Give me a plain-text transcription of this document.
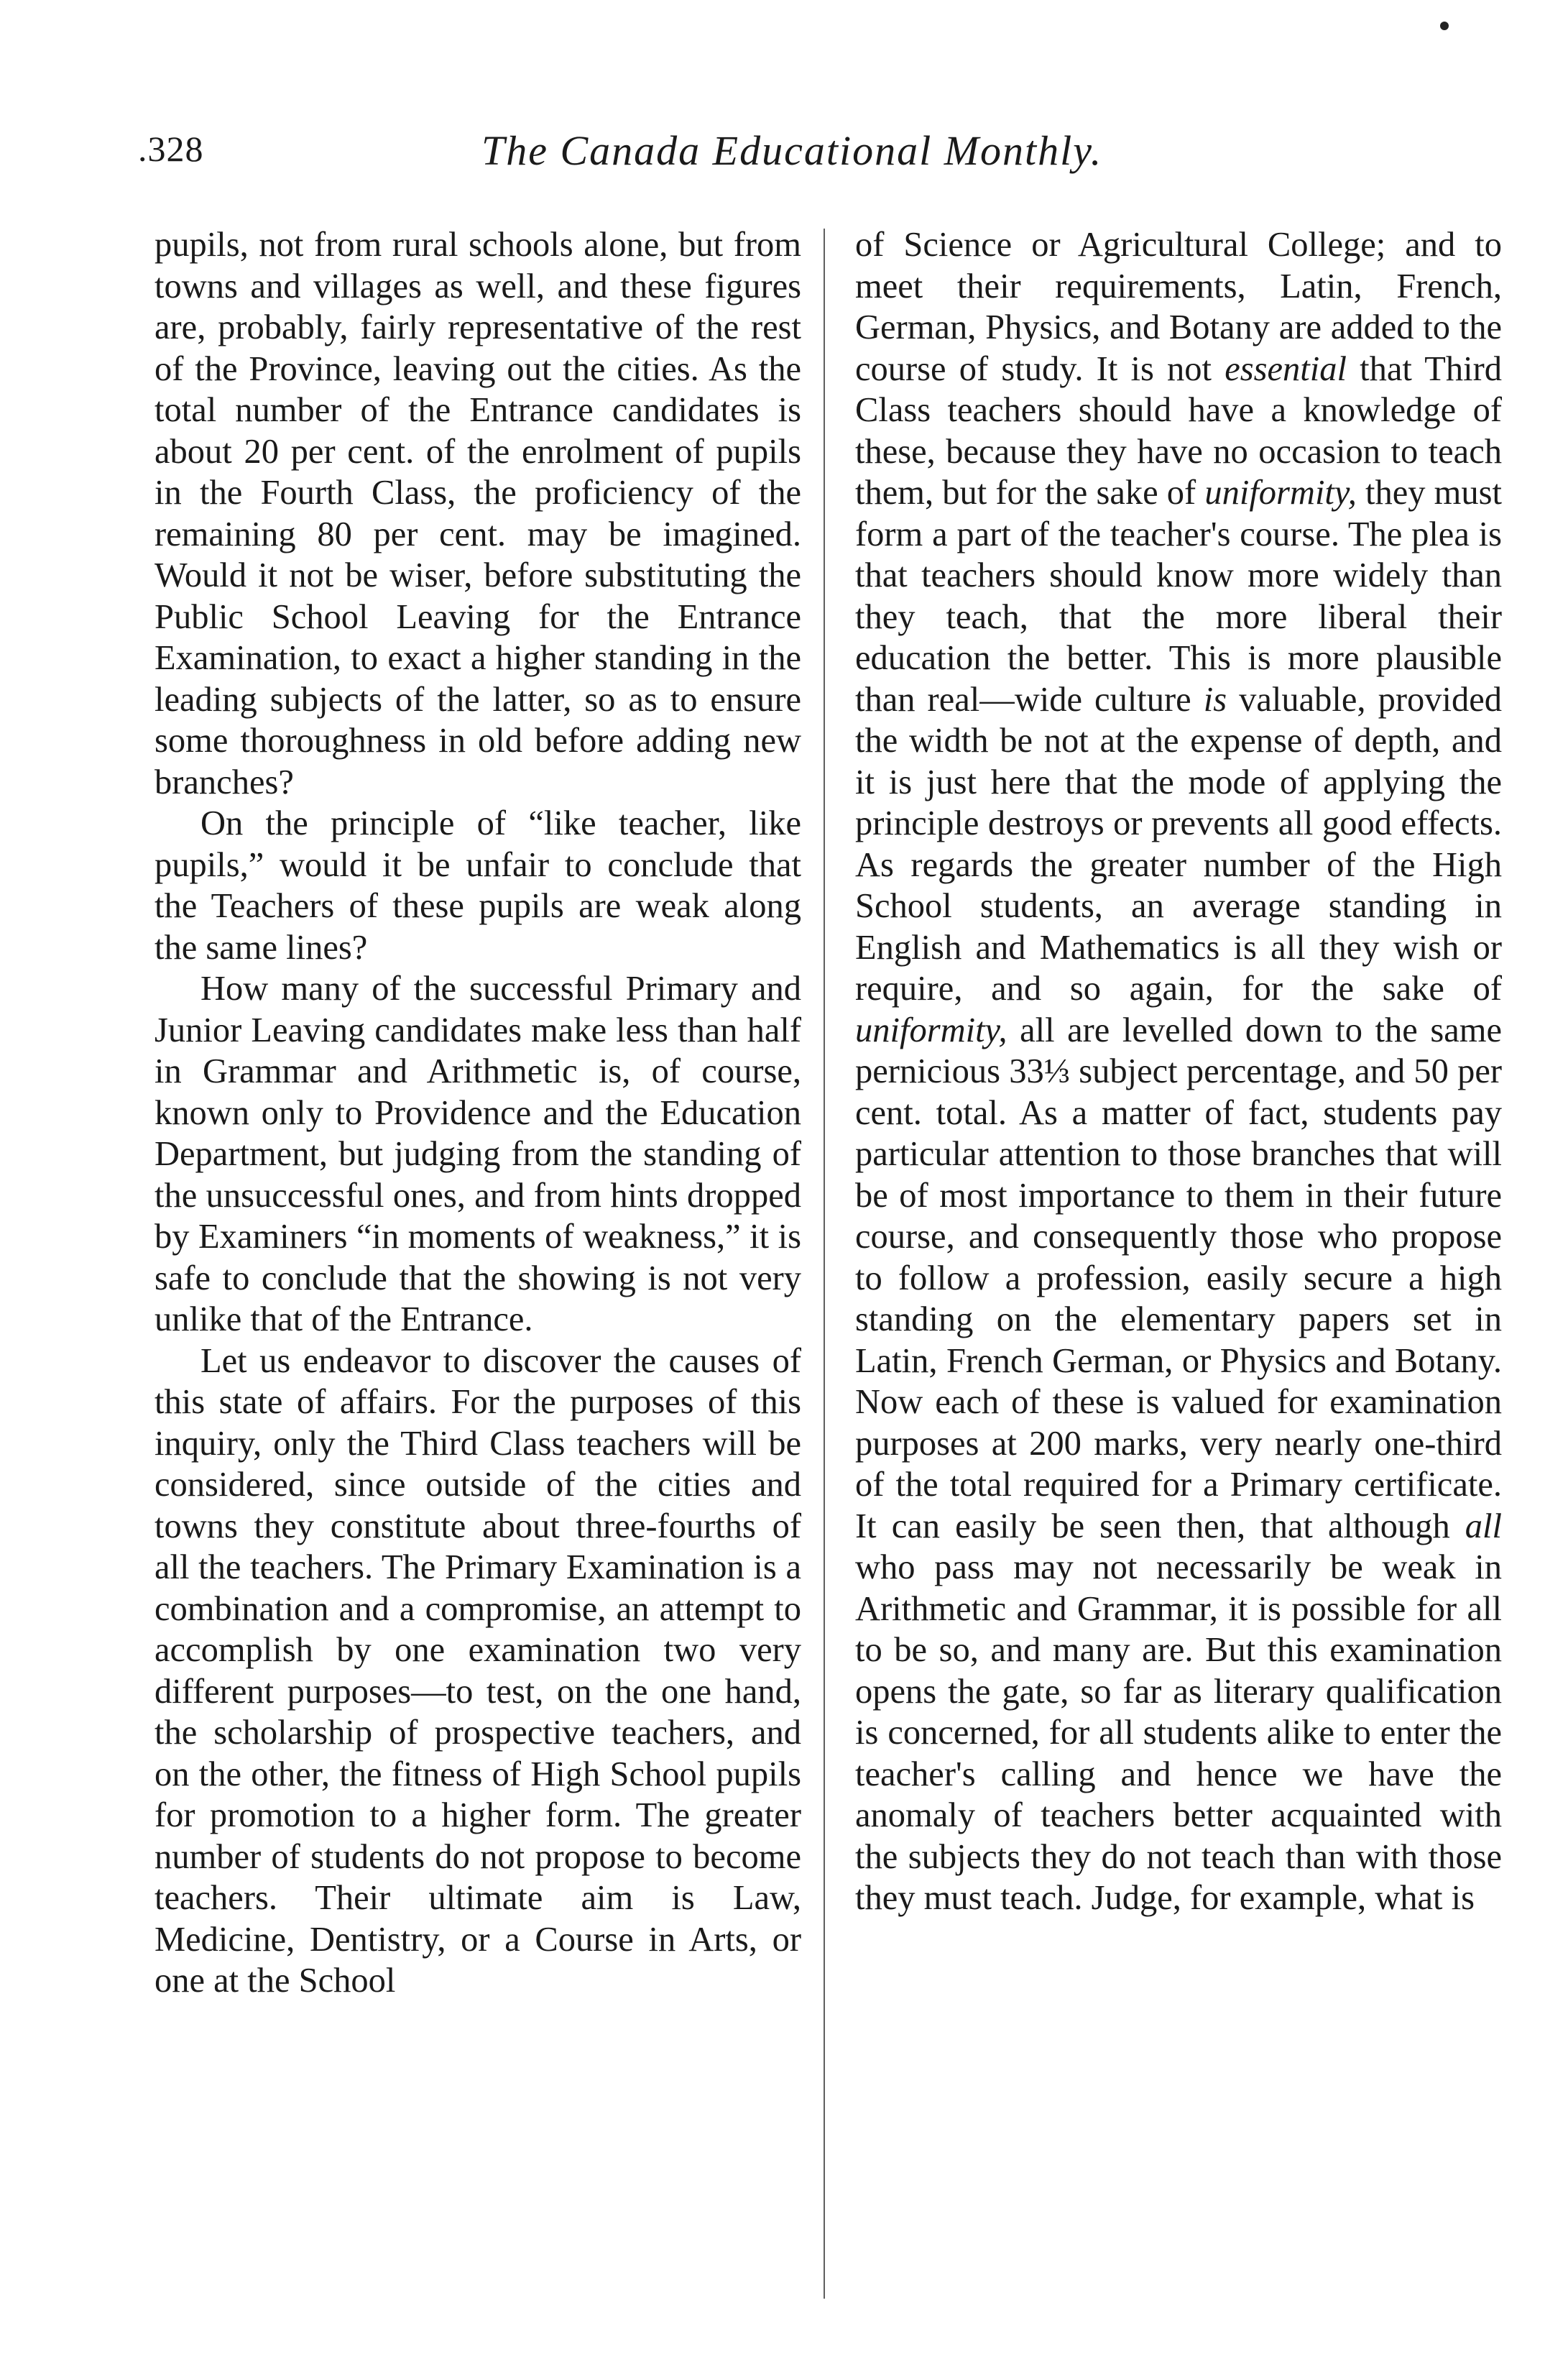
.328	The Canada Educational Monthly.

pupils, not from rural schools alone, but from towns and villages as well, and these figures are, probably, fairly representative of the rest of the Province, leaving out the cities. As the total number of the Entrance candidates is about 20 per cent. of the enrolment of pupils in the Fourth Class, the proficiency of the remaining 80 per cent. may be imagined. Would it not be wiser, before substituting the Public School Leaving for the Entrance Examination, to exact a higher standing in the leading subjects of the latter, so as to ensure some thoroughness in old before adding new branches?

On the principle of “like teacher, like pupils,” would it be unfair to conclude that the Teachers of these pupils are weak along the same lines?

How many of the successful Primary and Junior Leaving candidates make less than half in Grammar and Arithmetic is, of course, known only to Providence and the Education Department, but judging from the standing of the unsuccessful ones, and from hints dropped by Examiners “in moments of weakness,” it is safe to conclude that the showing is not very unlike that of the Entrance.

Let us endeavor to discover the causes of this state of affairs. For the purposes of this inquiry, only the Third Class teachers will be considered, since outside of the cities and towns they constitute about three-fourths of all the teachers. The Primary Examination is a combination and a compromise, an attempt to accomplish by one examination two very different purposes—to test, on the one hand, the scholarship of prospective teachers, and on the other, the fitness of High School pupils for promotion to a higher form. The greater number of students do not propose to become teachers. Their ultimate aim is Law, Medicine, Dentistry, or a Course in Arts, or one at the School

of Science or Agricultural College; and to meet their requirements, Latin, French, German, Physics, and Botany are added to the course of study. It is not essential that Third Class teachers should have a knowledge of these, because they have no occasion to teach them, but for the sake of uniformity, they must form a part of the teacher's course. The plea is that teachers should know more widely than they teach, that the more liberal their education the better. This is more plausible than real—wide culture is valuable, provided the width be not at the expense of depth, and it is just here that the mode of applying the principle destroys or prevents all good effects. As regards the greater number of the High School students, an average standing in English and Mathematics is all they wish or require, and so again, for the sake of uniformity, all are levelled down to the same pernicious 33⅓ subject percentage, and 50 per cent. total. As a matter of fact, students pay particular attention to those branches that will be of most importance to them in their future course, and consequently those who propose to follow a profession, easily secure a high standing on the elementary papers set in Latin, French German, or Physics and Botany. Now each of these is valued for examination purposes at 200 marks, very nearly one-third of the total required for a Primary certificate. It can easily be seen then, that although all who pass may not necessarily be weak in Arithmetic and Grammar, it is possible for all to be so, and many are. But this examination opens the gate, so far as literary qualification is concerned, for all students alike to enter the teacher's calling and hence we have the anomaly of teachers better acquainted with the subjects they do not teach than with those they must teach. Judge, for example, what is
